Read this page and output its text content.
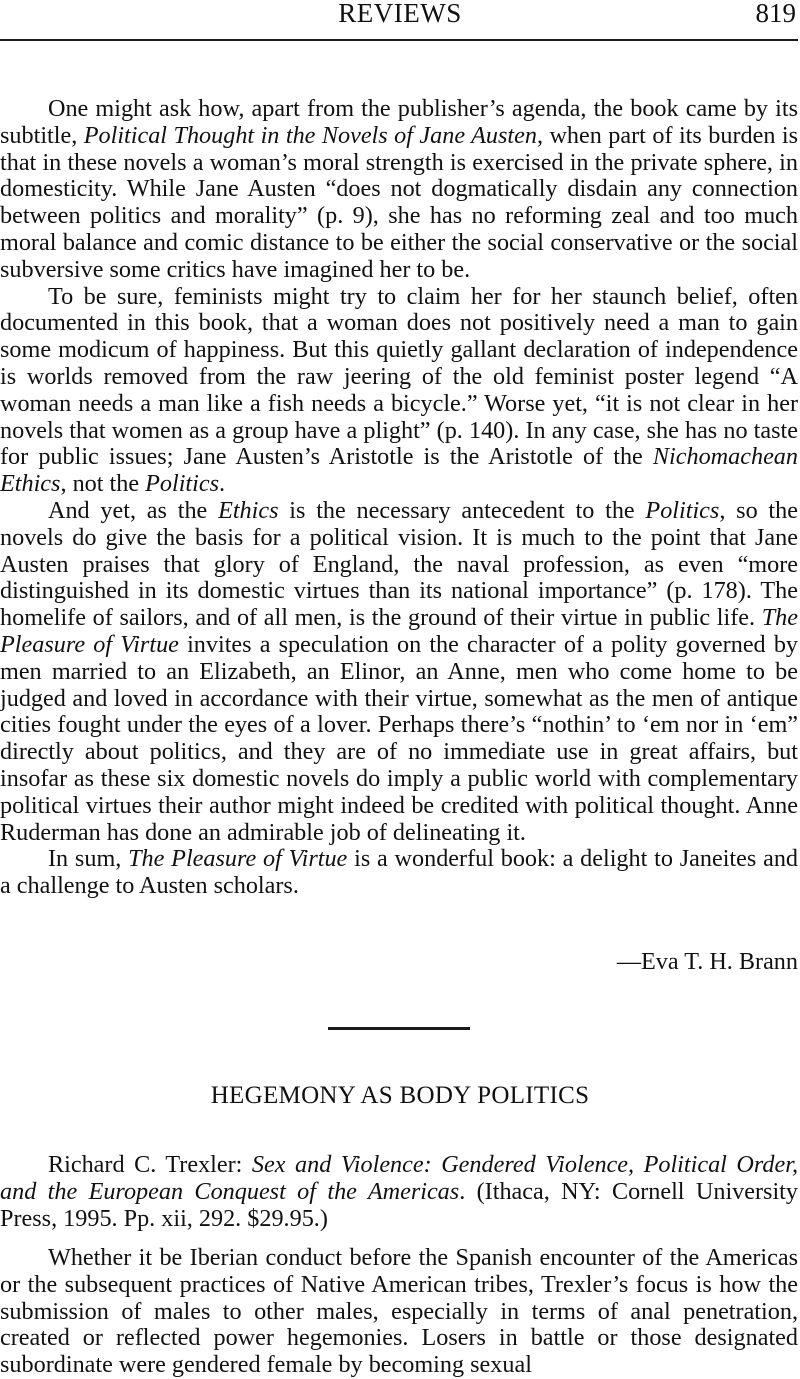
REVIEWS	819

One might ask how, apart from the publisher’s agenda, the book came by its subtitle, Political Thought in the Novels of Jane Austen, when part of its burden is that in these novels a woman’s moral strength is exercised in the private sphere, in domesticity. While Jane Austen “does not dogmatically disdain any connection between politics and morality” (p. 9), she has no reforming zeal and too much moral balance and comic distance to be either the social conservative or the social subversive some critics have imagined her to be.

To be sure, feminists might try to claim her for her staunch belief, often documented in this book, that a woman does not positively need a man to gain some modicum of happiness. But this quietly gallant declaration of independence is worlds removed from the raw jeering of the old feminist poster legend “A woman needs a man like a fish needs a bicycle.” Worse yet, “it is not clear in her novels that women as a group have a plight” (p. 140). In any case, she has no taste for public issues; Jane Austen’s Aristotle is the Aristotle of the Nichomachean Ethics, not the Politics.

And yet, as the Ethics is the necessary antecedent to the Politics, so the novels do give the basis for a political vision. It is much to the point that Jane Austen praises that glory of England, the naval profession, as even “more distinguished in its domestic virtues than its national importance” (p. 178). The homelife of sailors, and of all men, is the ground of their virtue in public life. The Pleasure of Virtue invites a speculation on the character of a polity governed by men married to an Elizabeth, an Elinor, an Anne, men who come home to be judged and loved in accordance with their virtue, somewhat as the men of antique cities fought under the eyes of a lover. Perhaps there’s “nothin’ to ‘em nor in ‘em” directly about politics, and they are of no immediate use in great affairs, but insofar as these six domestic novels do imply a public world with complementary political virtues their author might indeed be credited with political thought. Anne Ruderman has done an admirable job of delineating it.

In sum, The Pleasure of Virtue is a wonderful book: a delight to Janeites and a challenge to Austen scholars.

—Eva T. H. Brann
HEGEMONY AS BODY POLITICS

Richard C. Trexler: Sex and Violence: Gendered Violence, Political Order, and the European Conquest of the Americas. (Ithaca, NY: Cornell University Press, 1995. Pp. xii, 292. $29.95.)

Whether it be Iberian conduct before the Spanish encounter of the Americas or the subsequent practices of Native American tribes, Trexler’s focus is how the submission of males to other males, especially in terms of anal penetration, created or reflected power hegemonies. Losers in battle or those designated subordinate were gendered female by becoming sexual
